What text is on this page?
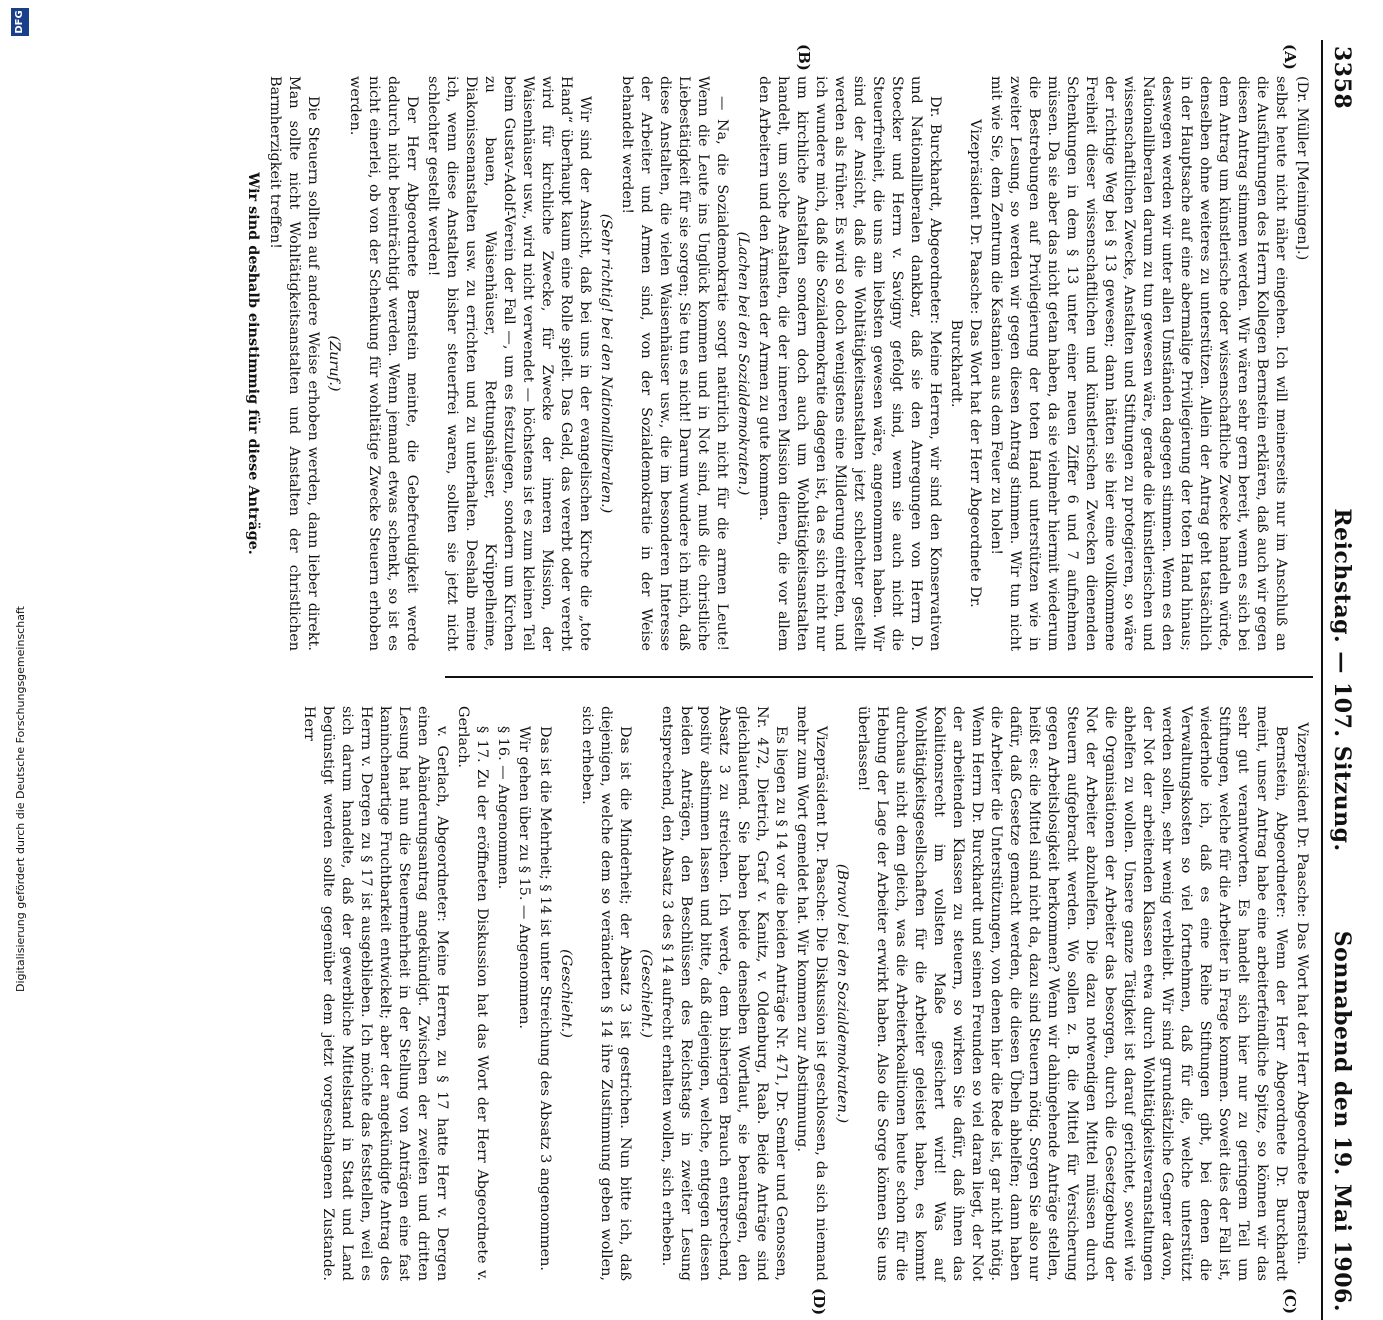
3358
Reichstag. — 107. Sitzung.
Sonnabend den 19. Mai 1906.
(A)
(B)
(C)
(D)

(Dr. Müller [Meiningen].)

selbst heute nicht näher eingehen. Ich will meinerseits nur im Anschluß an die Ausführungen des Herrn Kollegen Bernstein erklären, daß auch wir gegen diesen Antrag stimmen werden. Wir wären sehr gern bereit, wenn es sich bei dem Antrag um künstlerische oder wissenschaftliche Zwecke handeln würde, denselben ohne weiteres zu unterstützen. Allein der Antrag geht tatsächlich in der Hauptsache auf eine abermalige Privilegierung der toten Hand hinaus; deswegen werden wir unter allen Umständen dagegen stimmen. Wenn es den Nationalliberalen darum zu tun gewesen wäre, gerade die künstlerischen und wissenschaftlichen Zwecke, Anstalten und Stiftungen zu protegieren, so wäre der richtige Weg bei § 13 gewesen; dann hätten sie hier eine vollkommene Freiheit dieser wissenschaftlichen und künstlerischen Zwecken dienenden Schenkungen in dem § 13 unter einer neuen Ziffer 6 und 7 aufnehmen müssen. Da sie aber das nicht getan haben, da sie vielmehr hiermit wiederum die Bestrebungen auf Privilegierung der toten Hand unterstützen wie in zweiter Lesung, so werden wir gegen diesen Antrag stimmen. Wir tun nicht mit wie Sie, dem Zentrum die Kastanien aus dem Feuer zu holen!

Vizepräsident Dr. Paasche: Das Wort hat der Herr Abgeordnete Dr. Burckhardt.

Dr. Burckhardt, Abgeordneter: Meine Herren, wir sind den Konservativen und Nationalliberalen dankbar, daß sie den Anregungen von Herrn D. Stoecker und Herrn v. Savigny gefolgt sind, wenn sie auch nicht die Steuerfreiheit, die uns am liebsten gewesen wäre, angenommen haben. Wir sind der Ansicht, daß die Wohltätigkeitsanstalten jetzt schlechter gestellt werden als früher. Es wird so doch wenigstens eine Milderung eintreten, und ich wundere mich, daß die Sozialdemokratie dagegen ist, da es sich nicht nur um kirchliche Anstalten sondern doch auch um Wohltätigkeitsanstalten handelt, um solche Anstalten, die der inneren Mission dienen, die vor allem den Arbeitern und den Ärmsten der Armen zu gute kommen.

(Lachen bei den Sozialdemokraten.)

— Na, die Sozialdemokratie sorgt natürlich nicht für die armen Leute! Wenn die Leute ins Unglück kommen und in Not sind, muß die christliche Liebestätigkeit für sie sorgen; Sie tun es nicht! Darum wundere ich mich, daß diese Anstalten, die vielen Waisenhäuser usw., die im besonderen Interesse der Arbeiter und Armen sind, von der Sozialdemokratie in der Weise behandelt werden!

(Sehr richtig! bei den Nationalliberalen.)

Wir sind der Ansicht, daß bei uns in der evangelischen Kirche die „tote Hand“ überhaupt kaum eine Rolle spielt. Das Geld, das vererbt oder vererbt wird für kirchliche Zwecke, für Zwecke der inneren Mission, der Waisenhäuser usw., wird nicht verwendet — höchstens ist es zum kleinen Teil beim Gustav-Adolf-Verein der Fall —, um es festzulegen, sondern um Kirchen zu bauen, Waisenhäuser, Rettungshäuser, Krüppelheime, Diakonissenanstalten usw. zu errichten und zu unterhalten. Deshalb meine ich, wenn diese Anstalten bisher steuerfrei waren, sollten sie jetzt nicht schlechter gestellt werden!

Der Herr Abgeordnete Bernstein meinte, die Gebefreudigkeit werde dadurch nicht beeinträchtigt werden. Wenn jemand etwas schenkt, so ist es nicht einerlei, ob von der Schenkung für wohltätige Zwecke Steuern erhoben werden.

(Zuruf.)

Die Steuern sollten auf andere Weise erhoben werden, dann lieber direkt. Man sollte nicht Wohltätigkeitsanstalten und Anstalten der christlichen Barmherzigkeit treffen!

Wir sind deshalb einstimmig für diese Anträge.

Vizepräsident Dr. Paasche: Das Wort hat der Herr Abgeordnete Bernstein.

Bernstein, Abgeordneter: Wenn der Herr Abgeordnete Dr. Burckhardt meint, unser Antrag habe eine arbeiterfeindliche Spitze, so können wir das sehr gut verantworten. Es handelt sich hier nur zu geringem Teil um Stiftungen, welche für die Arbeiter in Frage kommen. Soweit dies der Fall ist, wiederhole ich, daß es eine Reihe Stiftungen gibt, bei denen die Verwaltungskosten so viel fortnehmen, daß für die, welche unterstützt werden sollen, sehr wenig verbleibt. Wir sind grundsätzliche Gegner davon, der Not der arbeitenden Klassen etwa durch Wohltätigkeitsveranstaltungen abhelfen zu wollen. Unsere ganze Tätigkeit ist darauf gerichtet, soweit wie die Organisationen der Arbeiter das besorgen, durch die Gesetzgebung der Not der Arbeiter abzuhelfen. Die dazu notwendigen Mittel müssen durch Steuern aufgebracht werden. Wo sollen z. B. die Mittel für Versicherung gegen Arbeitslosigkeit herkommen? Wenn wir dahingehende Anträge stellen, heißt es: die Mittel sind nicht da, dazu sind Steuern nötig. Sorgen Sie also nur dafür, daß Gesetze gemacht werden, die diesen Übeln abhelfen; dann haben die Arbeiter die Unterstützungen, von denen hier die Rede ist, gar nicht nötig. Wenn Herrn Dr. Burckhardt und seinen Freunden so viel daran liegt, der Not der arbeitenden Klassen zu steuern, so wirken Sie dafür, daß ihnen das Koalitionsrecht im vollsten Maße gesichert wird! Was auf Wohltätigkeitsgesellschaften für die Arbeiter geleistet haben, es kommt durchaus nicht dem gleich, was die Arbeiterkoalitionen heute schon für die Hebung der Lage der Arbeiter erwirkt haben. Also die Sorge können Sie uns überlassen!

(Bravo! bei den Sozialdemokraten.)

Vizepräsident Dr. Paasche: Die Diskussion ist geschlossen, da sich niemand mehr zum Wort gemeldet hat. Wir kommen zur Abstimmung.

Es liegen zu § 14 vor die beiden Anträge Nr. 471, Dr. Semler und Genossen, Nr. 472, Dietrich, Graf v. Kanitz, v. Oldenburg, Raab. Beide Anträge sind gleichlautend. Sie haben beide denselben Wortlaut, sie beantragen, den Absatz 3 zu streichen. Ich werde, dem bisherigen Brauch entsprechend, positiv abstimmen lassen und bitte, daß diejenigen, welche, entgegen diesen beiden Anträgen, den Beschlüssen des Reichstags in zweiter Lesung entsprechend, den Absatz 3 des § 14 aufrecht erhalten wollen, sich erheben.

(Geschieht.)

Das ist die Minderheit; der Absatz 3 ist gestrichen. Nun bitte ich, daß diejenigen, welche dem so veränderten § 14 ihre Zustimmung geben wollen, sich erheben.

(Geschieht.)

Das ist die Mehrheit; § 14 ist unter Streichung des Absatz 3 angenommen.

Wir gehen über zu § 15. — Angenommen.

§ 16. — Angenommen.

§ 17. Zu der eröffneten Diskussion hat das Wort der Herr Abgeordnete v. Gerlach.

v. Gerlach, Abgeordneter: Meine Herren, zu § 17 hatte Herr v. Dergen einen Abänderungsantrag angekündigt. Zwischen der zweiten und dritten Lesung hat nun die Steuermehrheit in der Stellung von Anträgen eine fast kaninchenartige Fruchtbarkeit entwickelt; aber der angekündigte Antrag des Herrn v. Dergen zu § 17 ist ausgeblieben. Ich möchte das feststellen, weil es sich darum handelte, daß der gewerbliche Mittelstand in Stadt und Land begünstigt werden sollte gegenüber dem jetzt vorgeschlagenen Zustande. Herr

Digitalisierung gefördert durch die Deutsche Forschungsgemeinschaft
DFG
